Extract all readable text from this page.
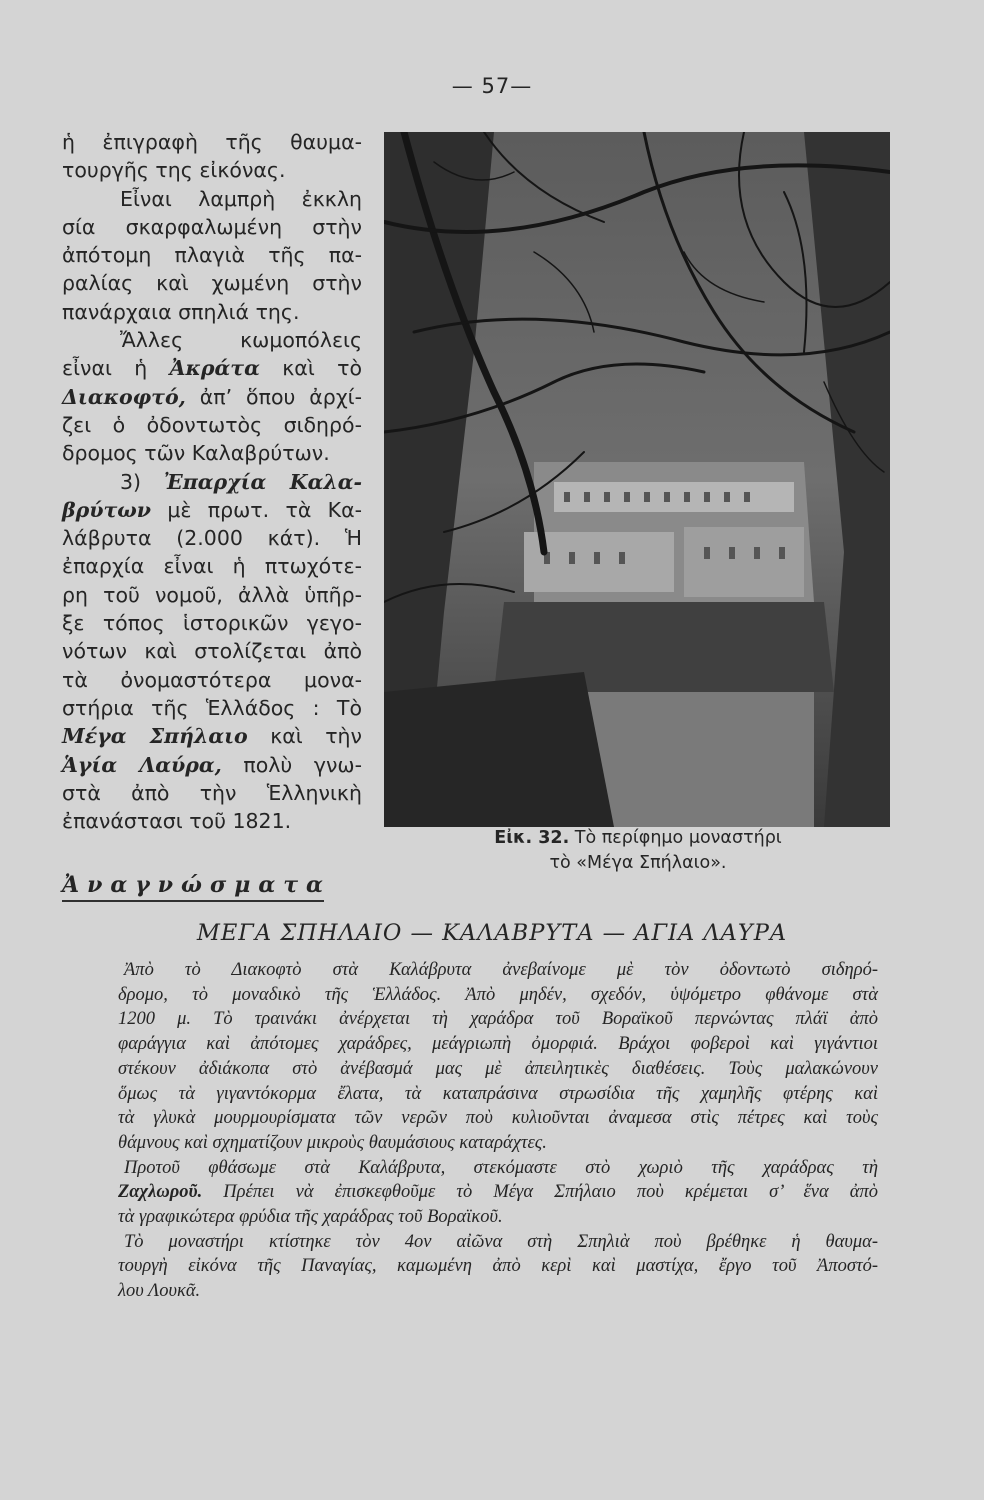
— 57—
ἡ ἐπιγραφὴ τῆς θαυμα-
τουργῆς της εἰκόνας.
Εἶναι λαμπρὴ ἐκκλη
σία σκαρφαλωμένη στὴν
ἀπότομη πλαγιὰ τῆς πα-
ραλίας καὶ χωμένη στὴν
πανάρχαια σπηλιά της.
Ἄλλες κωμοπόλεις
εἶναι ἡ Ἀκράτα καὶ τὸ
Διακοφτό, ἀπ’ ὅπου ἀρχί-
ζει ὁ ὀδοντωτὸς σιδηρό-
δρομος τῶν Καλαβρύτων.
3) Ἐπαρχία Καλα-
βρύτων μὲ πρωτ. τὰ Κα-
λάβρυτα (2.000 κάτ). Ἡ
ἐπαρχία εἶναι ἡ πτωχότε-
ρη τοῦ νομοῦ, ἀλλὰ ὑπῆρ-
ξε τόπος ἱστορικῶν γεγο-
νότων καὶ στολίζεται ἀπὸ
τὰ ὀνομαστότερα μονα-
στήρια τῆς Ἑλλάδος : Τὸ
Μέγα Σπήλαιο καὶ τὴν
Ἁγία Λαύρα, πολὺ γνω-
στὰ ἀπὸ τὴν Ἑλληνικὴ
ἐπανάστασι τοῦ 1821.
Εἰκ. 32. Τὸ περίφημο μοναστήρι
τὸ «Μέγα Σπήλαιο».
Ἀναγνώσματα
ΜΕΓΑ ΣΠΗΛΑΙΟ — ΚΑΛΑΒΡΥΤΑ — ΑΓΙΑ ΛΑΥΡΑ
Ἀπὸ τὸ Διακοφτὸ στὰ Καλάβρυτα ἀνεβαίνομε μὲ τὸν ὀδοντωτὸ σιδηρό-
δρομο, τὸ μοναδικὸ τῆς Ἑλλάδος. Ἀπὸ μηδέν, σχεδόν, ὑψόμετρο φθάνομε στὰ
1200 μ. Τὸ τραινάκι ἀνέρχεται τὴ χαράδρα τοῦ Βοραϊκοῦ περνώντας πλάϊ ἀπὸ
φαράγγια καὶ ἀπότομες χαράδρες, μεάγριωπὴ ὀμορφιά. Βράχοι φοβεροὶ καὶ γιγάντιοι
στέκουν ἀδιάκοπα στὸ ἀνέβασμά μας μὲ ἀπειλητικὲς διαθέσεις. Τοὺς μαλακώνουν
ὅμως τὰ γιγαντόκορμα ἔλατα, τὰ καταπράσινα στρωσίδια τῆς χαμηλῆς φτέρης καὶ
τὰ γλυκὰ μουρμουρίσματα τῶν νερῶν ποὺ κυλιοῦνται ἀναμεσα στὶς πέτρες καὶ τοὺς
θάμνους καὶ σχηματίζουν μικροὺς θαυμάσιους καταράχτες.
Προτοῦ φθάσωμε στὰ Καλάβρυτα, στεκόμαστε στὸ χωριὸ τῆς χαράδρας τὴ
Ζαχλωροῦ. Πρέπει νὰ ἐπισκεφθοῦμε τὸ Μέγα Σπήλαιο ποὺ κρέμεται σ’ ἕνα ἀπὸ
τὰ γραφικώτερα φρύδια τῆς χαράδρας τοῦ Βοραϊκοῦ.
Τὸ μοναστήρι κτίστηκε τὸν 4ον αἰῶνα στὴ Σπηλιὰ ποὺ βρέθηκε ἡ θαυμα-
τουργὴ εἰκόνα τῆς Παναγίας, καμωμένη ἀπὸ κερὶ καὶ μαστίχα, ἔργο τοῦ Ἀποστό-
λου Λουκᾶ.
